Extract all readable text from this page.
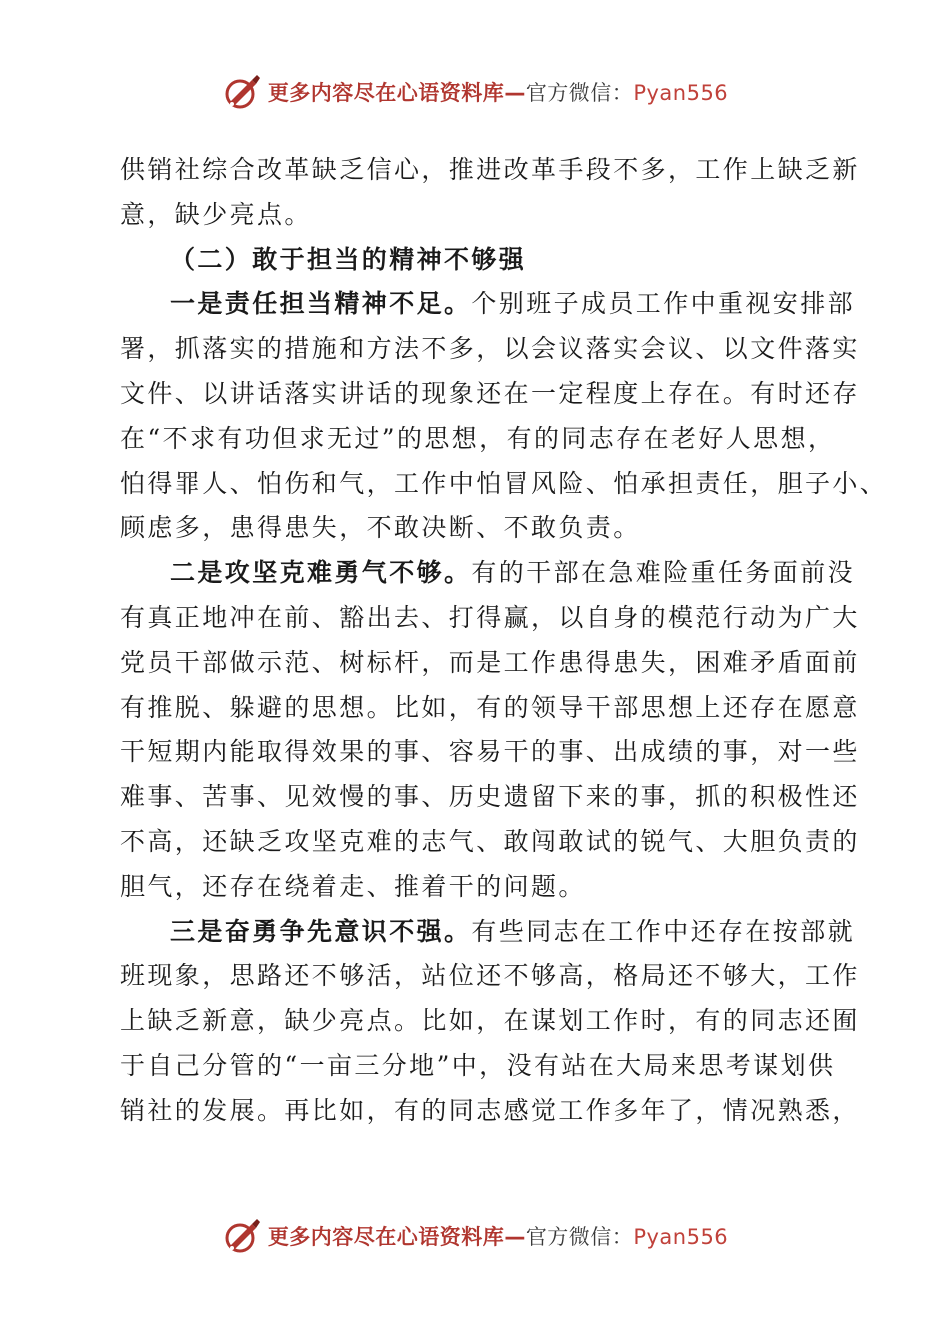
更多内容尽在心语资料库—官方微信：Pyan556
供销社综合改革缺乏信心，推进改革手段不多，工作上缺乏新
意，缺少亮点。
（二）敢于担当的精神不够强
一是责任担当精神不足。个别班子成员工作中重视安排部
署，抓落实的措施和方法不多，以会议落实会议、以文件落实
文件、以讲话落实讲话的现象还在一定程度上存在。有时还存
在“不求有功但求无过”的思想，有的同志存在老好人思想，
怕得罪人、怕伤和气，工作中怕冒风险、怕承担责任，胆子小、
顾虑多，患得患失，不敢决断、不敢负责。
二是攻坚克难勇气不够。有的干部在急难险重任务面前没
有真正地冲在前、豁出去、打得赢，以自身的模范行动为广大
党员干部做示范、树标杆，而是工作患得患失，困难矛盾面前
有推脱、躲避的思想。比如，有的领导干部思想上还存在愿意
干短期内能取得效果的事、容易干的事、出成绩的事，对一些
难事、苦事、见效慢的事、历史遗留下来的事，抓的积极性还
不高，还缺乏攻坚克难的志气、敢闯敢试的锐气、大胆负责的
胆气，还存在绕着走、推着干的问题。
三是奋勇争先意识不强。有些同志在工作中还存在按部就
班现象，思路还不够活，站位还不够高，格局还不够大，工作
上缺乏新意，缺少亮点。比如，在谋划工作时，有的同志还囿
于自己分管的“一亩三分地”中，没有站在大局来思考谋划供
销社的发展。再比如，有的同志感觉工作多年了，情况熟悉，
更多内容尽在心语资料库—官方微信：Pyan556
